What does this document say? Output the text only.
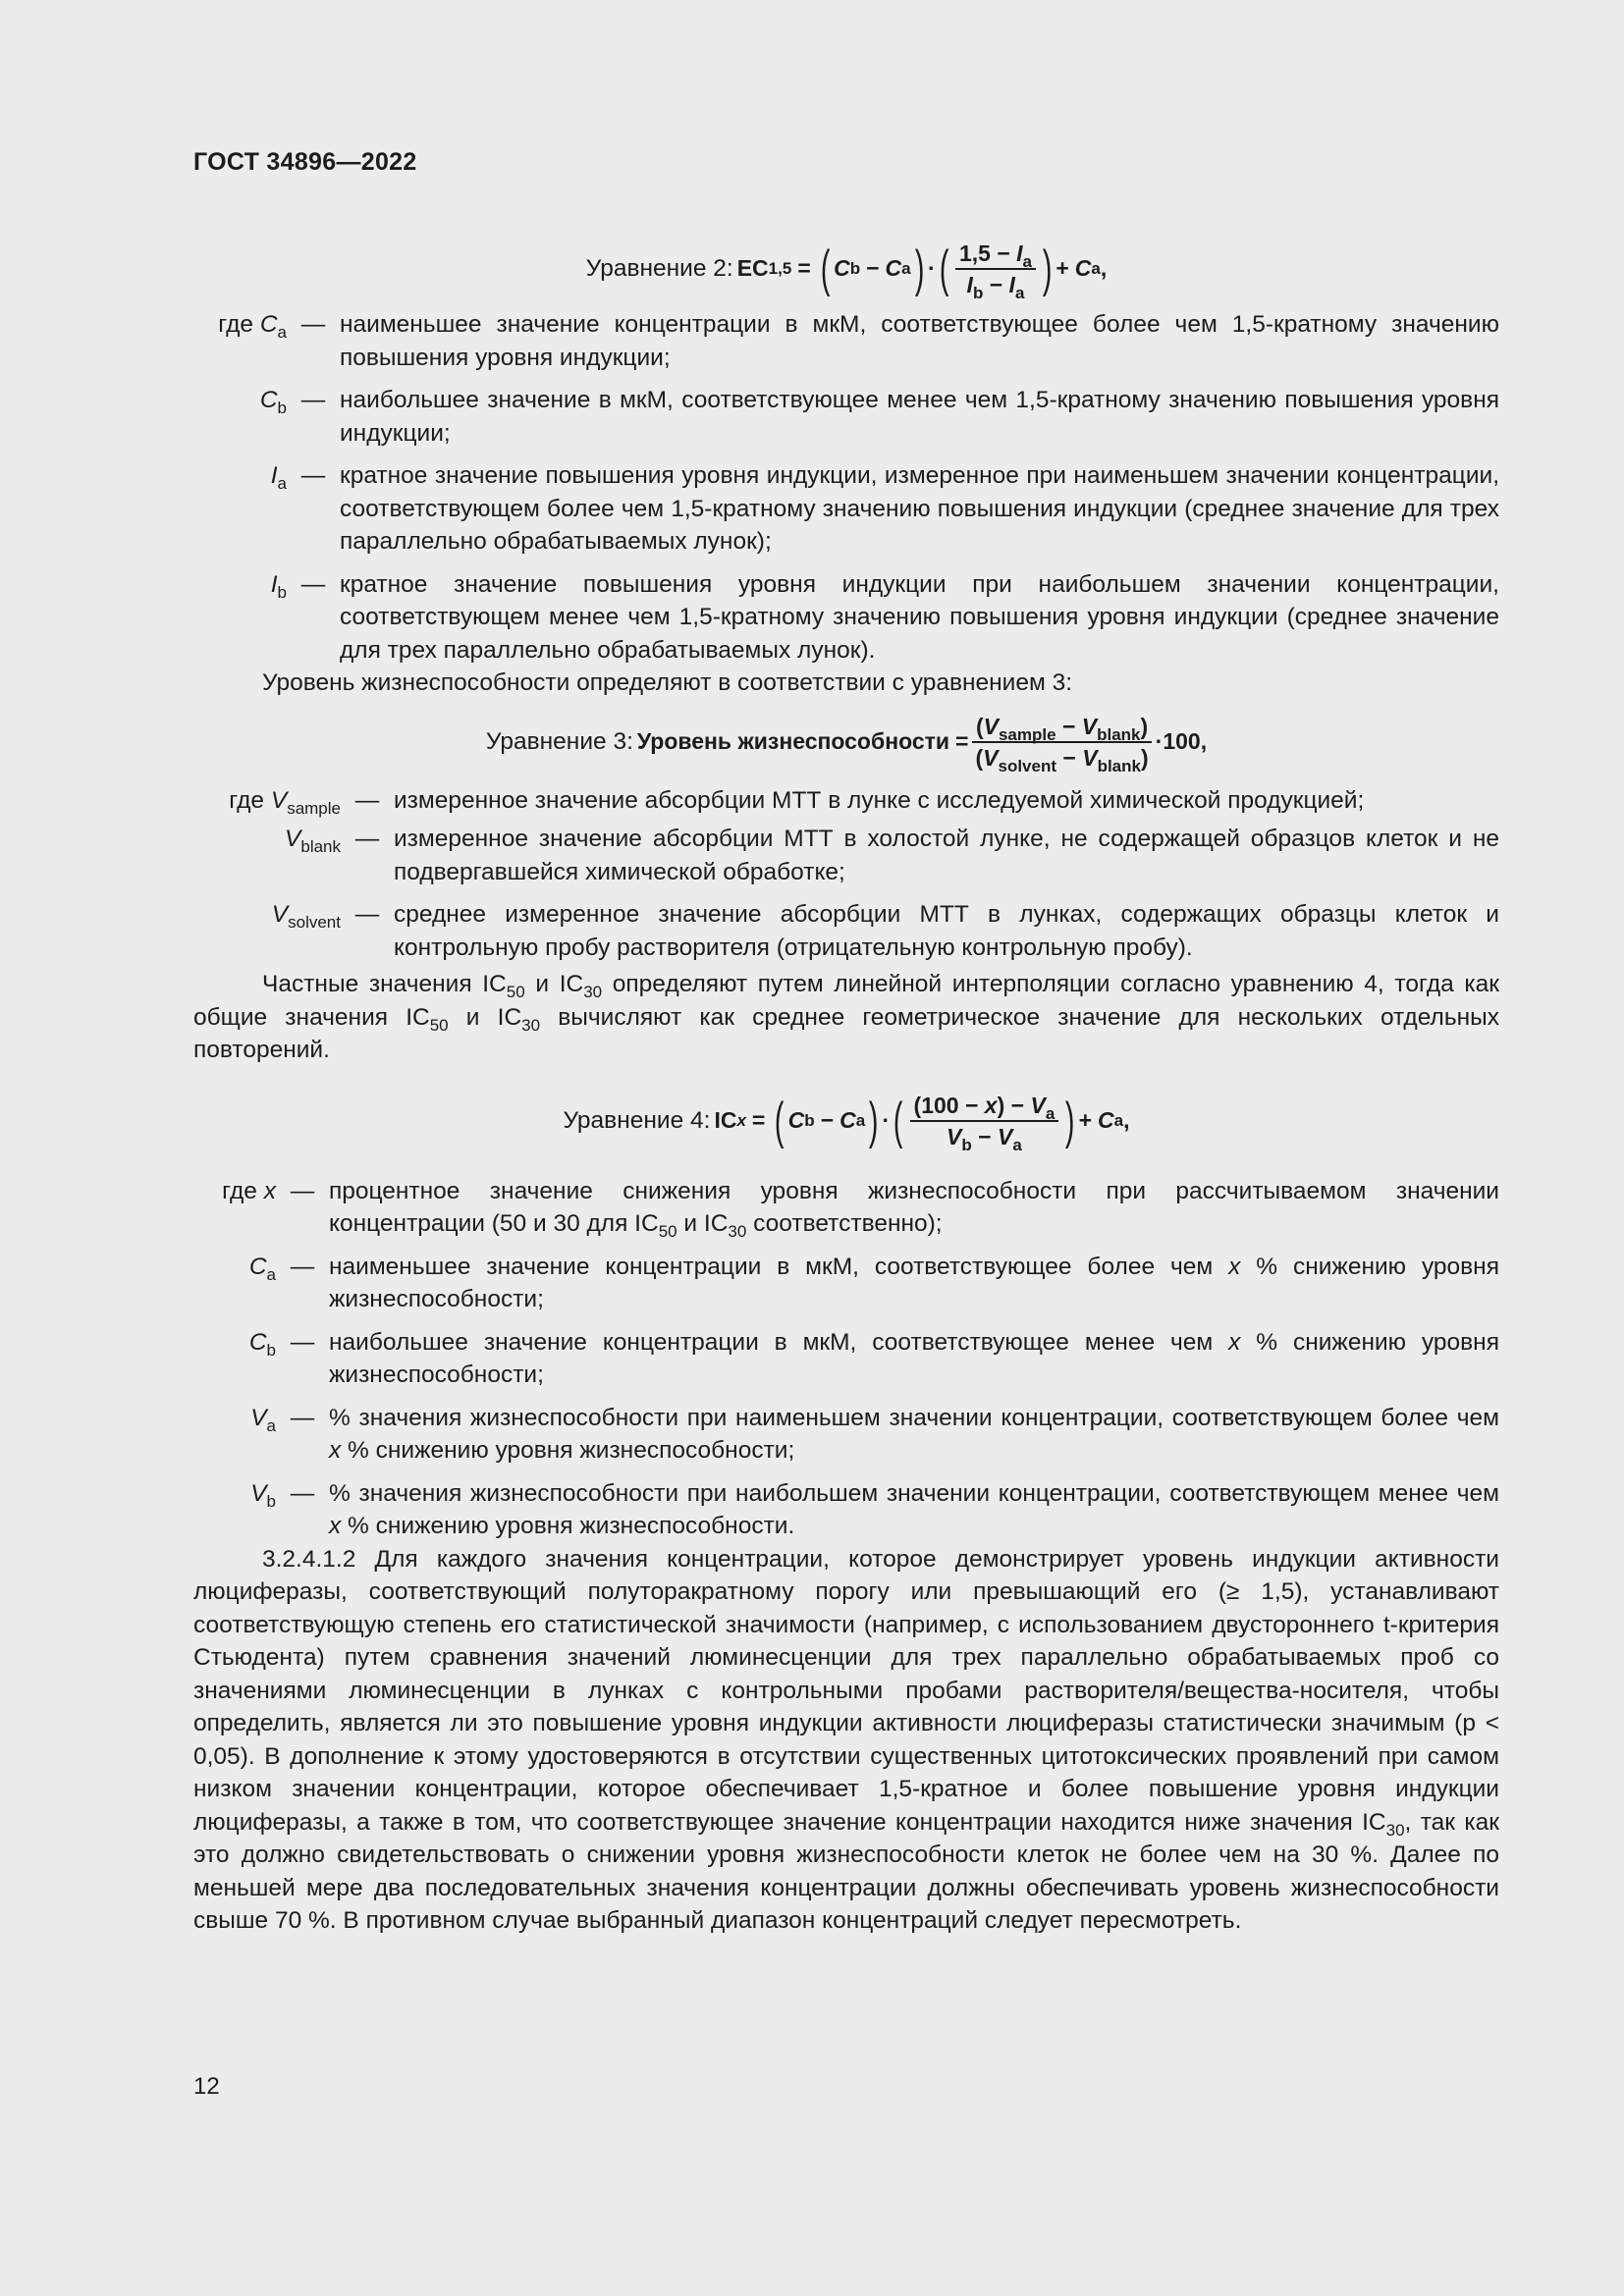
ГОСТ 34896—2022
Уравнение 2: EC 1,5 = ( C b − C a ) · ( $\frac{1,5 - I_a}{I_b - I_a}$ ) + C a ,
где $C_a$ — наименьшее значение концентрации в мкМ, соответствующее более чем 1,5-кратному значению повышения уровня индукции;
$C_b$ — наибольшее значение в мкМ, соответствующее менее чем 1,5-кратному значению повышения уровня индукции;
$I_a$ — кратное значение повышения уровня индукции, измеренное при наименьшем значении концентрации, соответствующем более чем 1,5-кратному значению повышения индукции (среднее значение для трех параллельно обрабатываемых лунок);
$I_b$ — кратное значение повышения уровня индукции при наибольшем значении концентрации, соответствующем менее чем 1,5-кратному значению повышения уровня индукции (среднее значение для трех параллельно обрабатываемых лунок).

Уровень жизнеспособности определяют в соответствии с уравнением 3:

Уравнение 3: Уровень жизнеспособности = $\frac{(V_{sample} - V_{blank})}{(V_{solvent} - V_{blank})} \cdot 100$,
где $V_{sample}$ — измеренное значение абсорбции МТТ в лунке с исследуемой химической продукцией;
$V_{blank}$ — измеренное значение абсорбции МТТ в холостой лунке, не содержащей образцов клеток и не подвергавшейся химической обработке;
$V_{solvent}$ — среднее измеренное значение абсорбции МТТ в лунках, содержащих образцы клеток и контрольную пробу растворителя (отрицательную контрольную пробу).

Частные значения $IC_{50}$ и $IC_{30}$ определяют путем линейной интерполяции согласно уравнению 4, тогда как общие значения $IC_{50}$ и $IC_{30}$ вычисляют как среднее геометрическое значение для нескольких отдельных повторений.

Уравнение 4: IC x = ( C b − C a ) · ( $\frac{(100 - x) - V_a}{V_b - V_a}$ ) + C a ,
где x — процентное значение снижения уровня жизнеспособности при рассчитываемом значении концентрации (50 и 30 для $IC_{50}$ и $IC_{30}$ соответственно);
$C_a$ — наименьшее значение концентрации в мкМ, соответствующее более чем x % снижению уровня жизнеспособности;
$C_b$ — наибольшее значение концентрации в мкМ, соответствующее менее чем x % снижению уровня жизнеспособности;
$V_a$ — % значения жизнеспособности при наименьшем значении концентрации, соответствующем более чем x % снижению уровня жизнеспособности;
$V_b$ — % значения жизнеспособности при наибольшем значении концентрации, соответствующем менее чем x % снижению уровня жизнеспособности.

3.2.4.1.2 Для каждого значения концентрации, которое демонстрирует уровень индукции активности люциферазы, соответствующий полуторакратному порогу или превышающий его (≥ 1,5), устанавливают соответствующую степень его статистической значимости (например, с использованием двустороннего t-критерия Стьюдента) путем сравнения значений люминесценции для трех параллельно обрабатываемых проб со значениями люминесценции в лунках с контрольными пробами растворителя/вещества-носителя, чтобы определить, является ли это повышение уровня индукции активности люциферазы статистически значимым (p < 0,05). В дополнение к этому удостоверяются в отсутствии существенных цитотоксических проявлений при самом низком значении концентрации, которое обеспечивает 1,5-кратное и более повышение уровня индукции люциферазы, а также в том, что соответствующее значение концентрации находится ниже значения $IC_{30}$, так как это должно свидетельствовать о снижении уровня жизнеспособности клеток не более чем на 30 %. Далее по меньшей мере два последовательных значения концентрации должны обеспечивать уровень жизнеспособности свыше 70 %. В противном случае выбранный диапазон концентраций следует пересмотреть.

12
